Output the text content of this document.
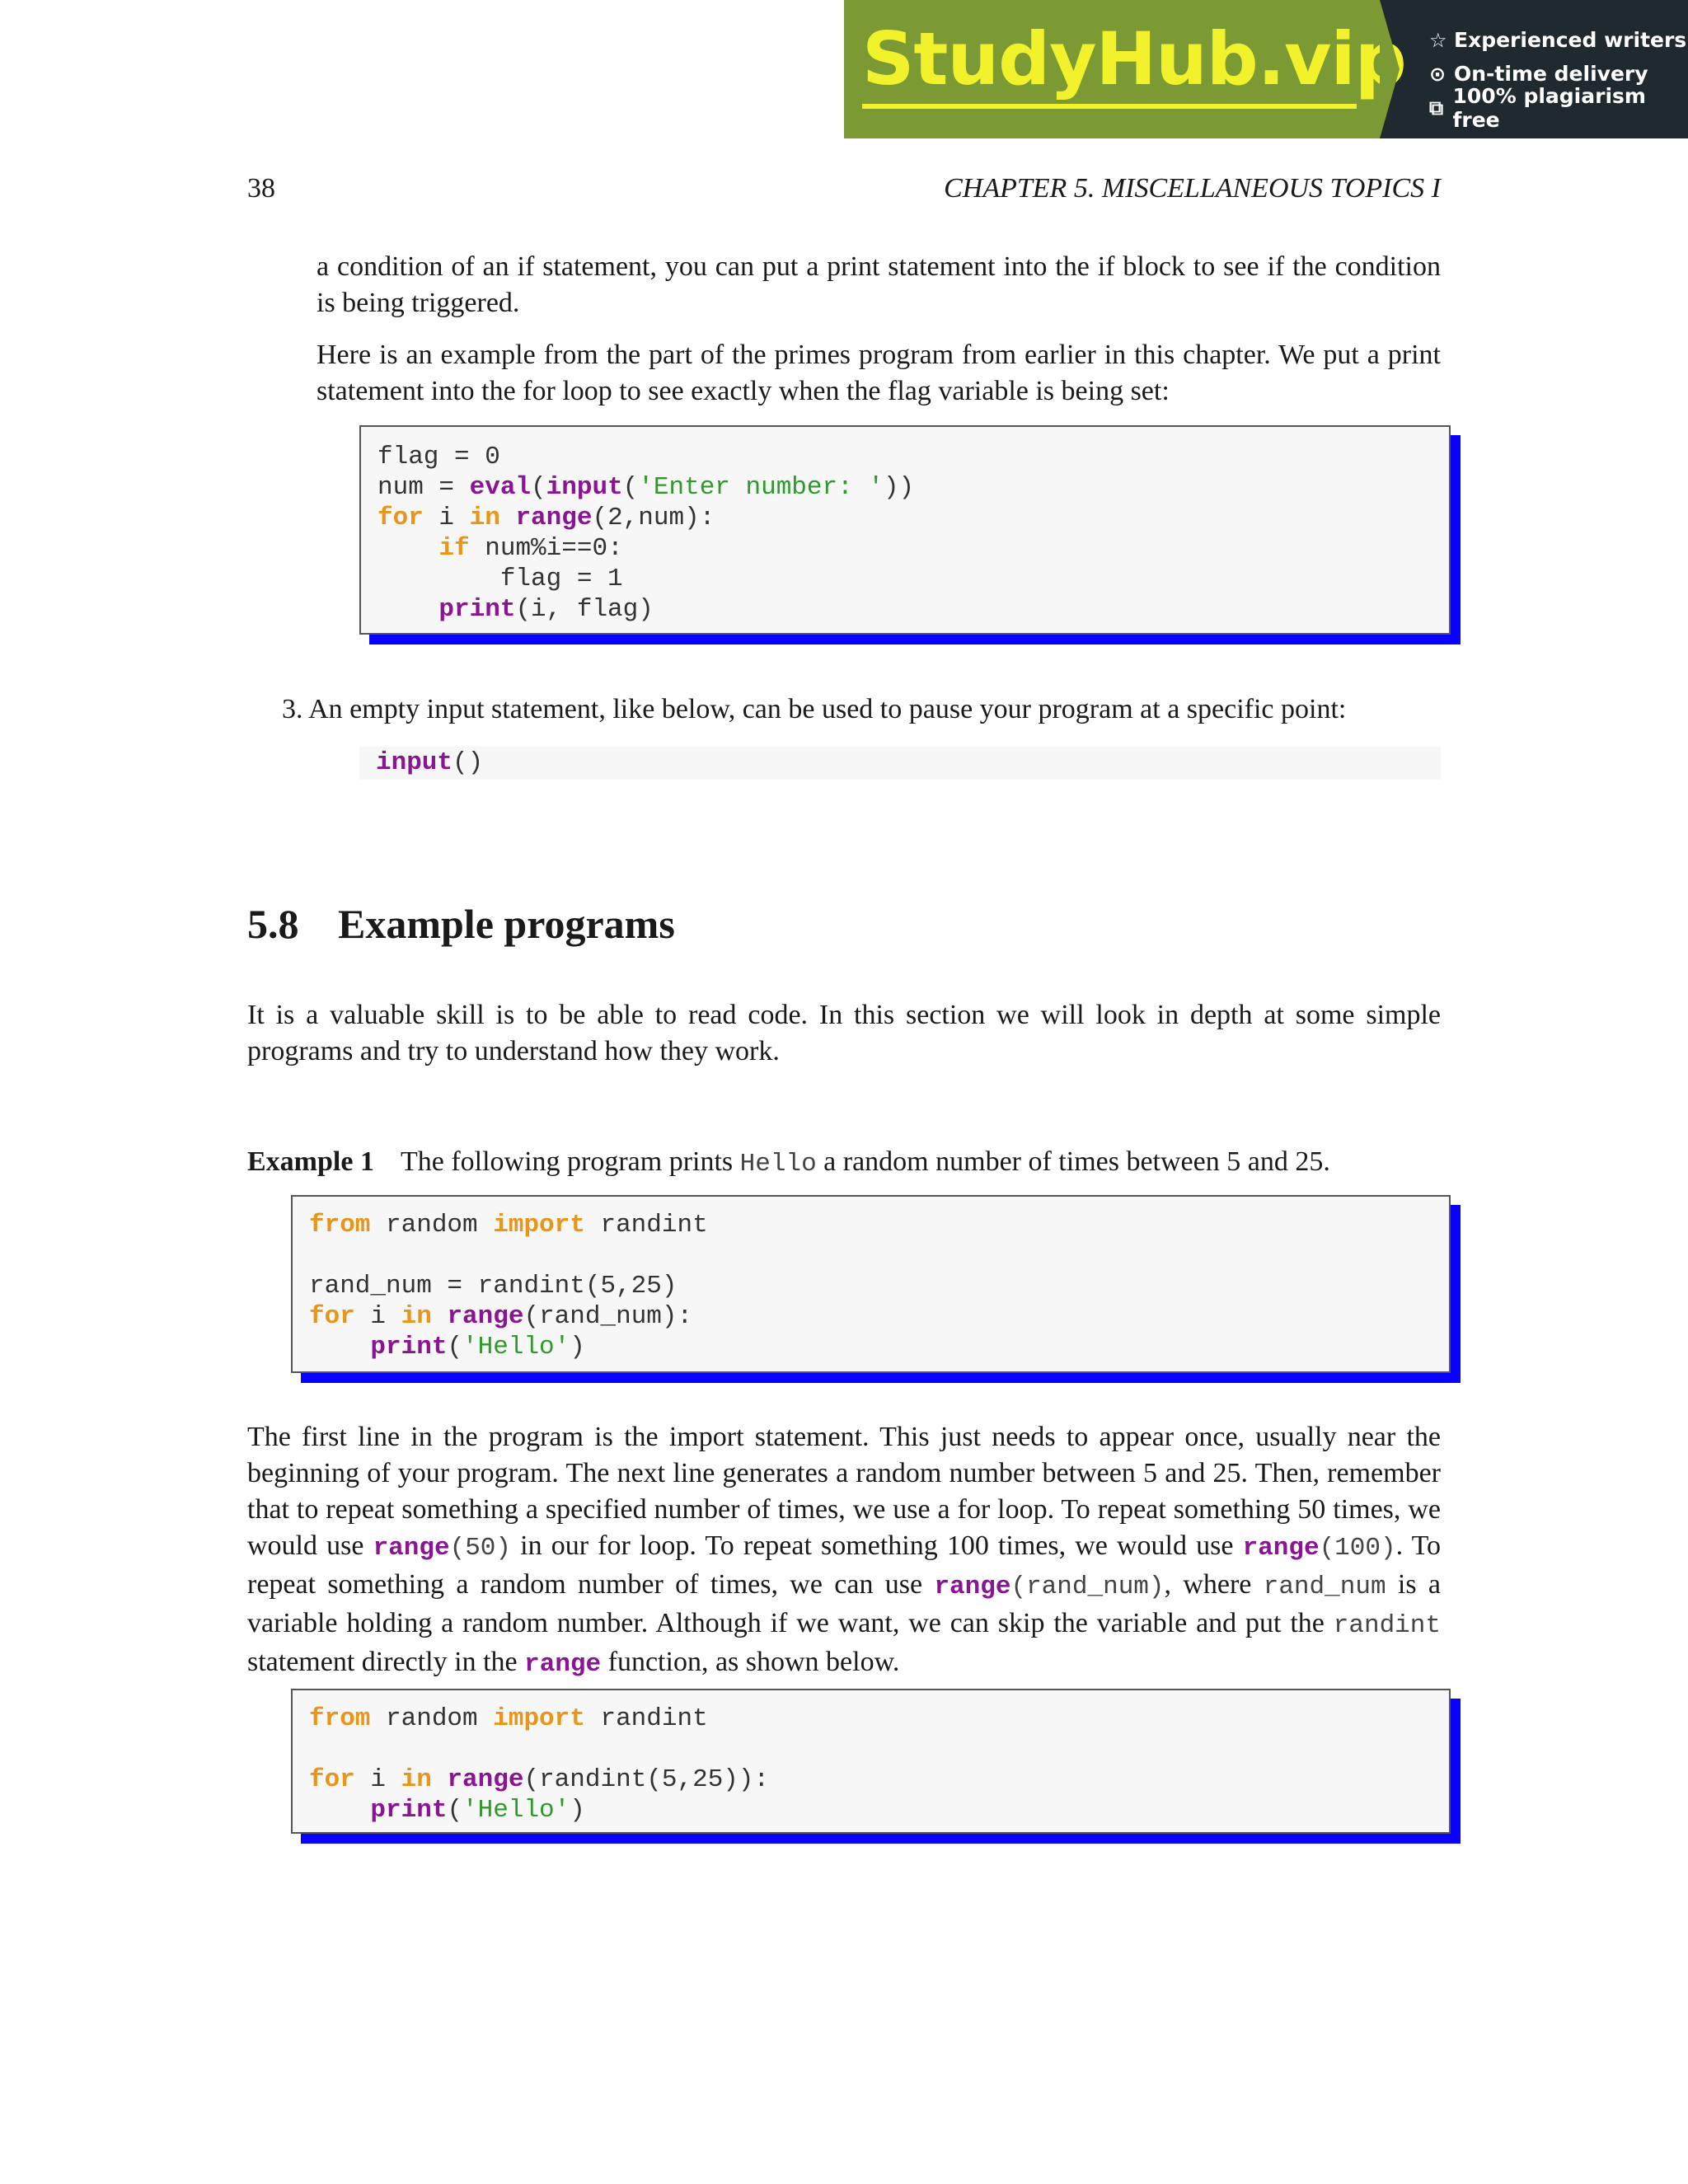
StudyHub.vip ☆ Experienced writers
⊙ On-time delivery
⧉ 100% plagiarism free
38	CHAPTER 5. MISCELLANEOUS TOPICS I
a condition of an if statement, you can put a print statement into the if block to see if the condition is being triggered.
Here is an example from the part of the primes program from earlier in this chapter. We put a print statement into the for loop to see exactly when the flag variable is being set:
flag = 0
num = eval(input('Enter number: '))
for i in range(2,num):
if num%i==0:
flag = 1
print(i, flag)
3. An empty input statement, like below, can be used to pause your program at a specific point:
input()
5.8 Example programs
It is a valuable skill is to be able to read code. In this section we will look in depth at some simple programs and try to understand how they work.
Example 1 The following program prints Hello a random number of times between 5 and 25.
from random import randint

rand_num = randint(5,25)
for i in range(rand_num):
print('Hello')
The first line in the program is the import statement. This just needs to appear once, usually near the beginning of your program. The next line generates a random number between 5 and 25. Then, remember that to repeat something a specified number of times, we use a for loop. To repeat something 50 times, we would use range(50) in our for loop. To repeat something 100 times, we would use range(100). To repeat something a random number of times, we can use range(rand_num), where rand_num is a variable holding a random number. Although if we want, we can skip the variable and put the randint statement directly in the range function, as shown below.
from random import randint

for i in range(randint(5,25)):
print('Hello')
